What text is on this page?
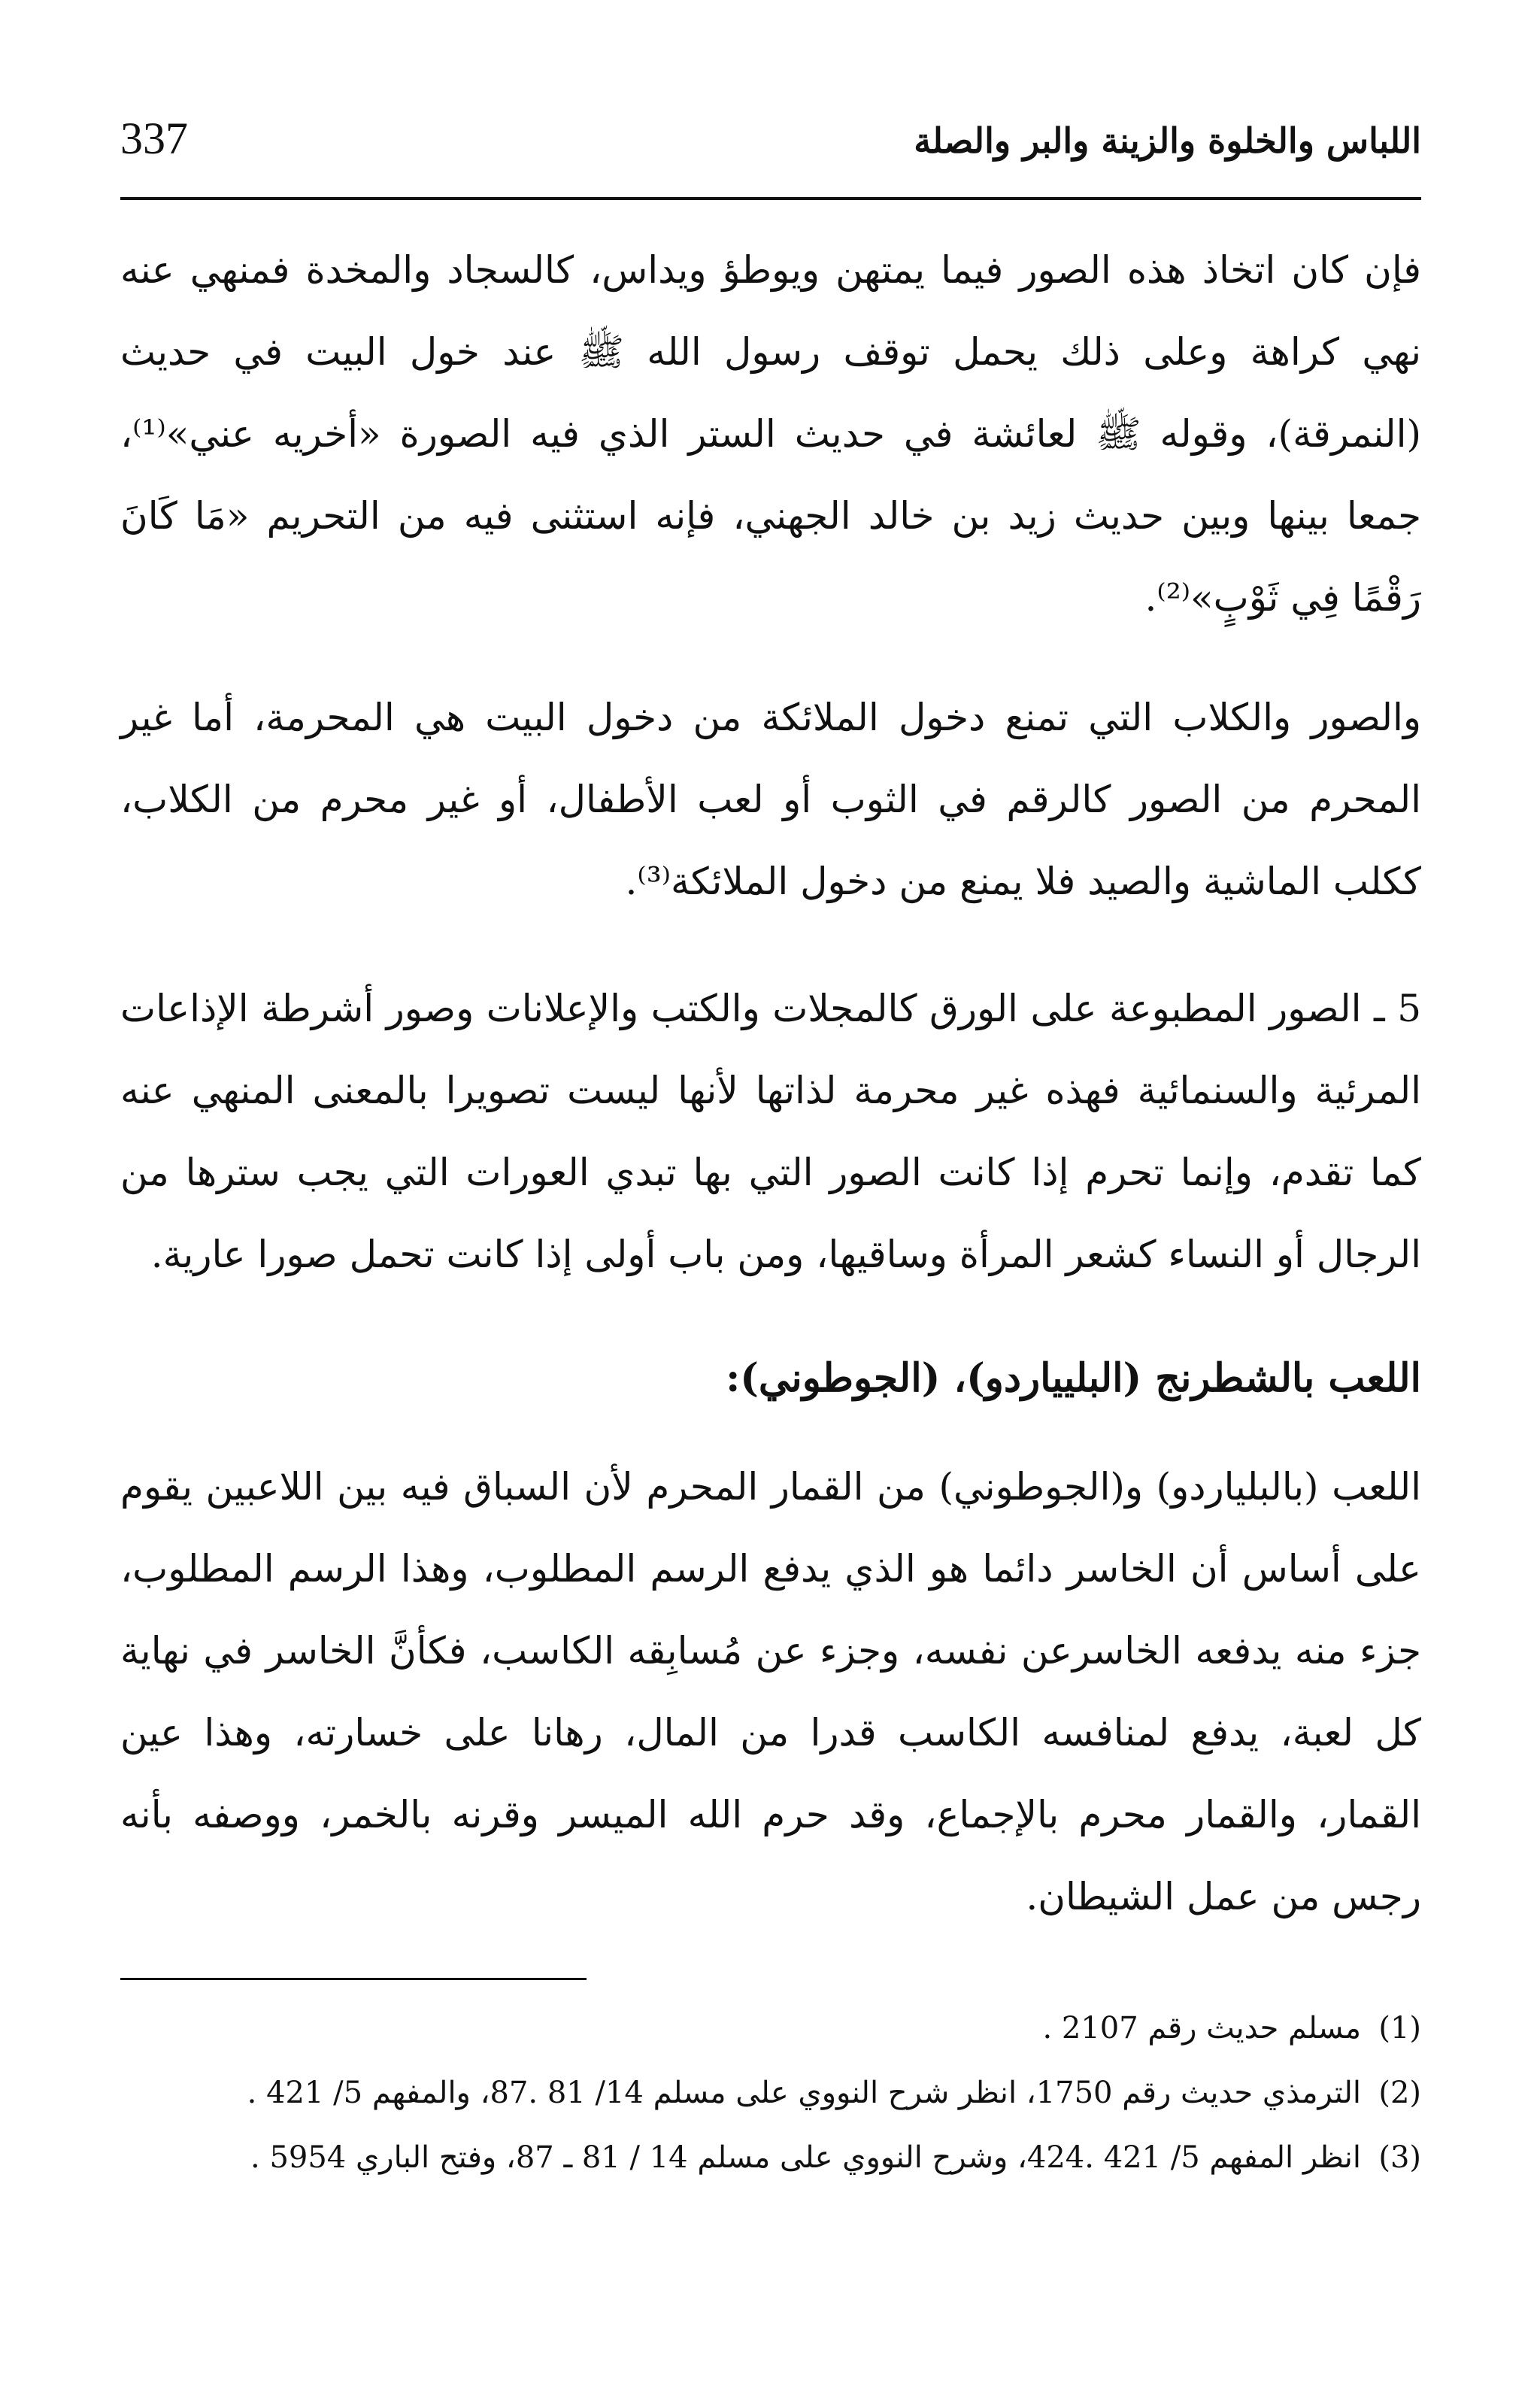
اللباس والخلوة والزينة والبر والصلة
337

فإن كان اتخاذ هذه الصور فيما يمتهن ويوطؤ ويداس، كالسجاد والمخدة فمنهي عنه نهي كراهة وعلى ذلك يحمل توقف رسول الله ﷺ عند خول البيت في حديث (النمرقة)، وقوله ﷺ لعائشة في حديث الستر الذي فيه الصورة «أخريه عني»⁽¹⁾، جمعا بينها وبين حديث زيد بن خالد الجهني، فإنه استثنى فيه من التحريم «مَا كَانَ رَقْمًا فِي ثَوْبٍ»⁽²⁾.

والصور والكلاب التي تمنع دخول الملائكة من دخول البيت هي المحرمة، أما غير المحرم من الصور كالرقم في الثوب أو لعب الأطفال، أو غير محرم من الكلاب، ككلب الماشية والصيد فلا يمنع من دخول الملائكة⁽³⁾.

5 ـ الصور المطبوعة على الورق كالمجلات والكتب والإعلانات وصور أشرطة الإذاعات المرئية والسنمائية فهذه غير محرمة لذاتها لأنها ليست تصويرا بالمعنى المنهي عنه كما تقدم، وإنما تحرم إذا كانت الصور التي بها تبدي العورات التي يجب سترها من الرجال أو النساء كشعر المرأة وساقيها، ومن باب أولى إذا كانت تحمل صورا عارية.

اللعب بالشطرنج (البليياردو)، (الجوطوني):

اللعب (بالبلياردو) و(الجوطوني) من القمار المحرم لأن السباق فيه بين اللاعبين يقوم على أساس أن الخاسر دائما هو الذي يدفع الرسم المطلوب، وهذا الرسم المطلوب، جزء منه يدفعه الخاسرعن نفسه، وجزء عن مُسابِقه الكاسب، فكأنَّ الخاسر في نهاية كل لعبة، يدفع لمنافسه الكاسب قدرا من المال، رهانا على خسارته، وهذا عين القمار، والقمار محرم بالإجماع، وقد حرم الله الميسر وقرنه بالخمر، ووصفه بأنه رجس من عمل الشيطان.

(1)
مسلم حديث رقم 2107 .
(2)
الترمذي حديث رقم 1750، انظر شرح النووي على مسلم 14/ 81 .87، والمفهم 5/ 421 .
(3)
انظر المفهم 5/ 421 .424، وشرح النووي على مسلم 14 / 81 ـ 87، وفتح الباري 5954 .
